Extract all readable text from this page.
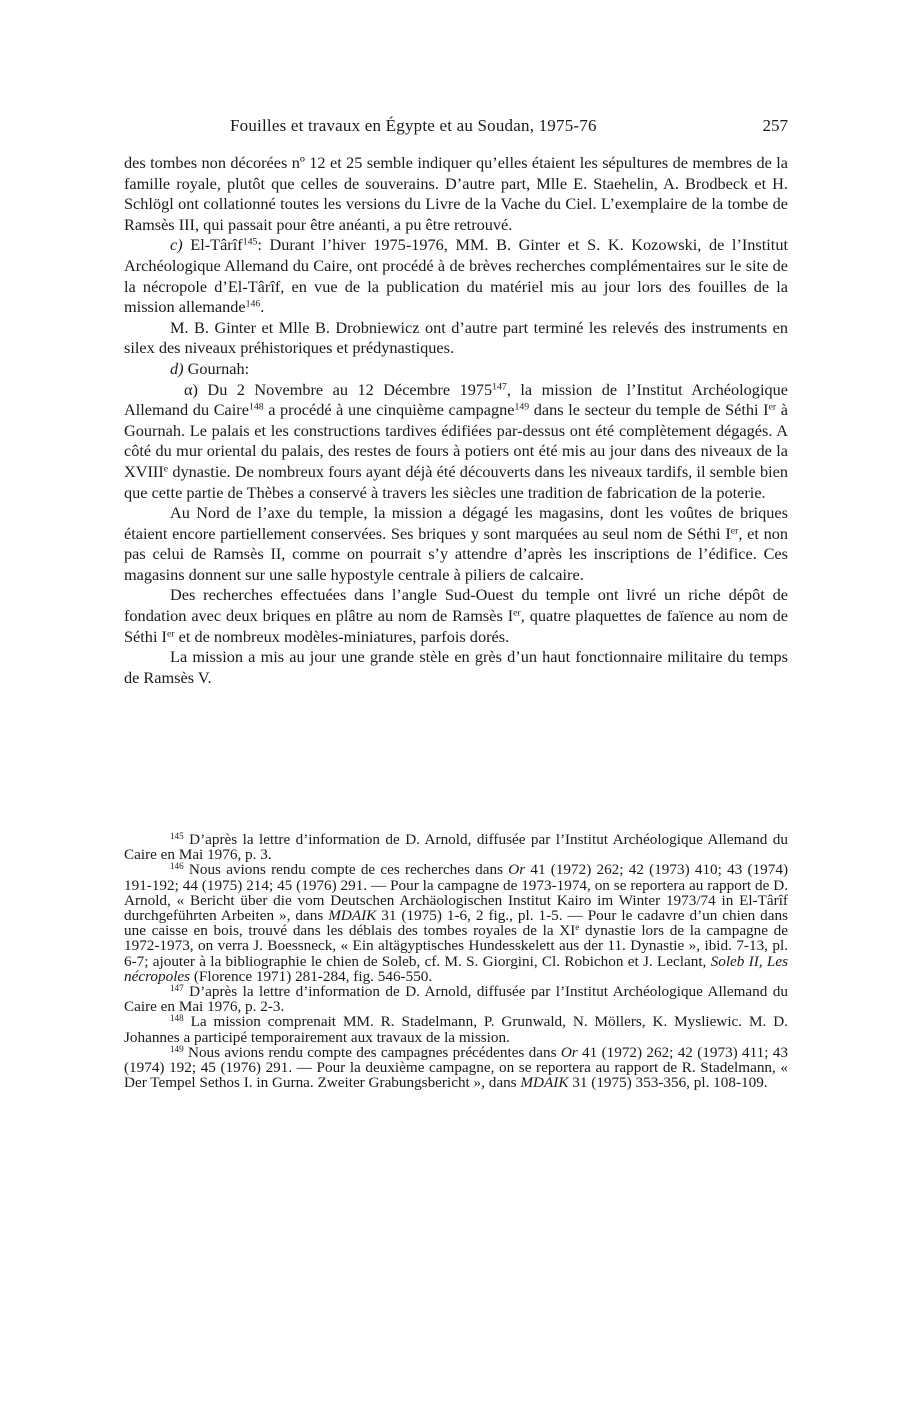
Fouilles et travaux en Égypte et au Soudan, 1975-76	257

des tombes non décorées nº 12 et 25 semble indiquer qu’elles étaient les sépultures de membres de la famille royale, plutôt que celles de souverains. D’autre part, Mlle E. Staehelin, A. Brodbeck et H. Schlögl ont collationné toutes les versions du Livre de la Vache du Ciel. L’exemplaire de la tombe de Ramsès III, qui passait pour être anéanti, a pu être retrouvé.

c) El-Târîf$^{145}$: Durant l’hiver 1975-1976, MM. B. Ginter et S. K. Kozowski, de l’Institut Archéologique Allemand du Caire, ont procédé à de brèves recherches complémentaires sur le site de la nécropole d’El-Târîf, en vue de la publication du matériel mis au jour lors des fouilles de la mission allemande$^{146}$.

M. B. Ginter et Mlle B. Drobniewicz ont d’autre part terminé les relevés des instruments en silex des niveaux préhistoriques et prédynastiques.

d) Gournah:

α) Du 2 Novembre au 12 Décembre 1975$^{147}$, la mission de l’Institut Archéologique Allemand du Caire$^{148}$ a procédé à une cinquième campagne$^{149}$ dans le secteur du temple de Séthi Ier à Gournah. Le palais et les constructions tardives édifiées par-dessus ont été complètement dégagés. A côté du mur oriental du palais, des restes de fours à potiers ont été mis au jour dans des niveaux de la XVIIIe dynastie. De nombreux fours ayant déjà été découverts dans les niveaux tardifs, il semble bien que cette partie de Thèbes a conservé à travers les siècles une tradition de fabrication de la poterie.

Au Nord de l’axe du temple, la mission a dégagé les magasins, dont les voûtes de briques étaient encore partiellement conservées. Ses briques y sont marquées au seul nom de Séthi Ier, et non pas celui de Ramsès II, comme on pourrait s’y attendre d’après les inscriptions de l’édifice. Ces magasins donnent sur une salle hypostyle centrale à piliers de calcaire.

Des recherches effectuées dans l’angle Sud-Ouest du temple ont livré un riche dépôt de fondation avec deux briques en plâtre au nom de Ramsès Ier, quatre plaquettes de faïence au nom de Séthi Ier et de nombreux modèles-miniatures, parfois dorés.

La mission a mis au jour une grande stèle en grès d’un haut fonctionnaire militaire du temps de Ramsès V.

$^{145}$ D’après la lettre d’information de D. Arnold, diffusée par l’Institut Archéologique Allemand du Caire en Mai 1976, p. 3.

$^{146}$ Nous avions rendu compte de ces recherches dans Or 41 (1972) 262; 42 (1973) 410; 43 (1974) 191-192; 44 (1975) 214; 45 (1976) 291. — Pour la campagne de 1973-1974, on se reportera au rapport de D. Arnold, « Bericht über die vom Deutschen Archäologischen Institut Kairo im Winter 1973/74 in El-Târîf durchgeführten Arbeiten », dans MDAIK 31 (1975) 1-6, 2 fig., pl. 1-5. — Pour le cadavre d’un chien dans une caisse en bois, trouvé dans les déblais des tombes royales de la XIe dynastie lors de la campagne de 1972-1973, on verra J. Boessneck, « Ein altägyptisches Hundesskelett aus der 11. Dynastie », ibid. 7-13, pl. 6-7; ajouter à la bibliographie le chien de Soleb, cf. M. S. Giorgini, Cl. Robichon et J. Leclant, Soleb II, Les nécropoles (Florence 1971) 281-284, fig. 546-550.

$^{147}$ D’après la lettre d’information de D. Arnold, diffusée par l’Institut Archéologique Allemand du Caire en Mai 1976, p. 2-3.

$^{148}$ La mission comprenait MM. R. Stadelmann, P. Grunwald, N. Möllers, K. Mysliewic. M. D. Johannes a participé temporairement aux travaux de la mission.

$^{149}$ Nous avions rendu compte des campagnes précédentes dans Or 41 (1972) 262; 42 (1973) 411; 43 (1974) 192; 45 (1976) 291. — Pour la deuxième campagne, on se reportera au rapport de R. Stadelmann, « Der Tempel Sethos I. in Gurna. Zweiter Grabungsbericht », dans MDAIK 31 (1975) 353-356, pl. 108-109.
